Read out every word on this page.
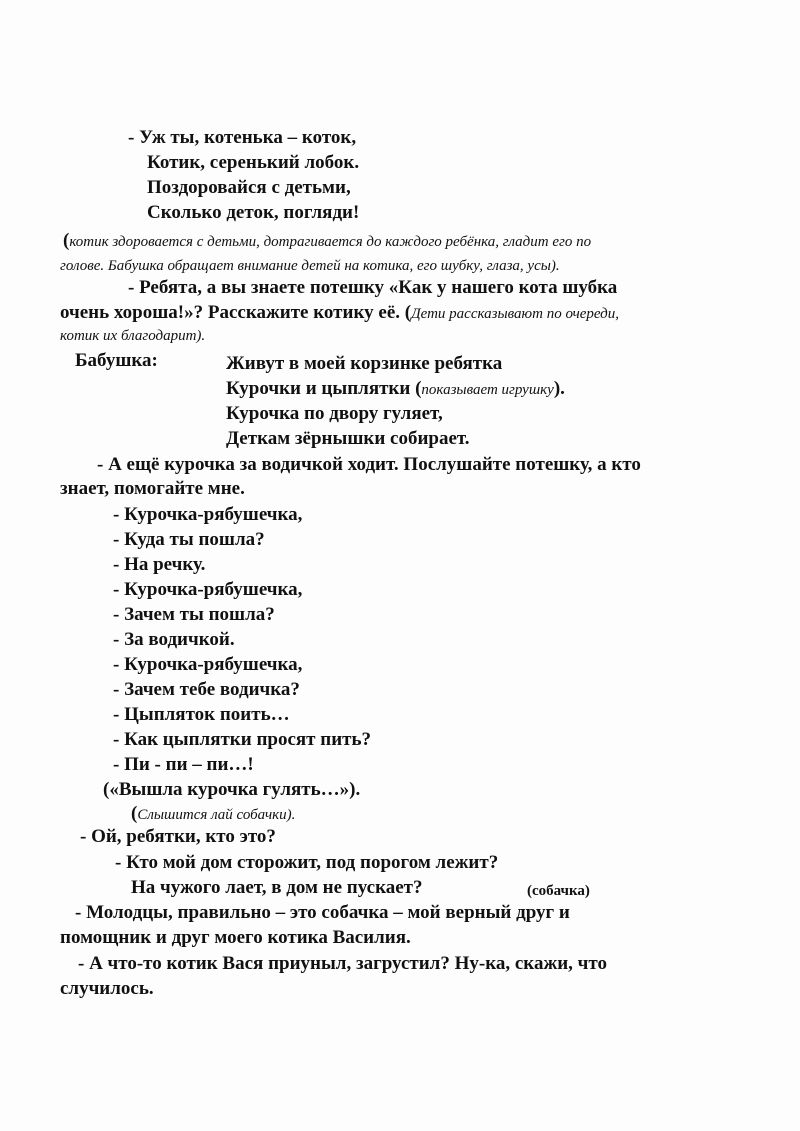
- Уж ты, котенька – коток,
Котик, серенький лобок.
Поздоровайся с детьми,
Сколько деток, погляди!
(котик здоровается с детьми, дотрагивается до каждого ребёнка, гладит его по
голове. Бабушка обращает внимание детей на котика, его шубку, глаза, усы).
- Ребята, а вы знаете потешку «Как у нашего кота шубка
очень хороша!»? Расскажите котику её. (Дети рассказывают по очереди,
котик их благодарит).
Бабушка:	Живут в моей корзинке ребятка
Курочки и цыплятки (показывает игрушку).
Курочка по двору гуляет,
Деткам зёрнышки собирает.
- А ещё курочка за водичкой ходит. Послушайте потешку, а кто
знает, помогайте мне.
- Курочка-рябушечка,
- Куда ты пошла?
- На речку.
- Курочка-рябушечка,
- Зачем ты пошла?
- За водичкой.
- Курочка-рябушечка,
- Зачем тебе водичка?
- Цыпляток поить…
- Как цыплятки просят пить?
- Пи - пи – пи…!
(«Вышла курочка гулять…»).
(Слышится лай собачки).
- Ой, ребятки, кто это?
- Кто мой дом сторожит, под порогом лежит?
На чужого лает, в дом не пускает?	(собачка)
- Молодцы, правильно – это собачка – мой верный друг и
помощник и друг моего котика Василия.
- А что-то котик Вася приуныл, загрустил? Ну-ка, скажи, что
случилось.
